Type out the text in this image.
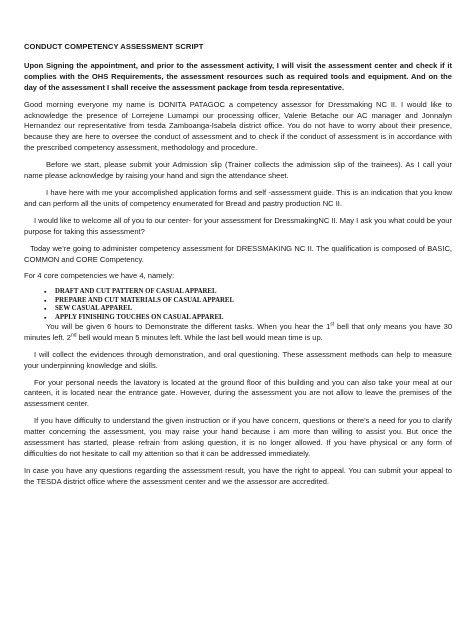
CONDUCT COMPETENCY ASSESSMENT SCRIPT
Upon Signing the appointment, and prior to the assessment activity, I will visit the assessment center and check if it complies with the OHS Requirements, the assessment resources such as required tools and equipment. And on the day of the assessment I shall receive the assessment package from tesda representative.
Good morning everyone my name is DONITA PATAGOC a competency assessor for Dressmaking NC II. I would like to acknowledge the presence of Lorrejene Lumampi our processing officer, Valerie Betache our AC manager and Jonnalyn Hernandez our representative from tesda Zamboanga-Isabela district office. You do not have to worry about their presence, because they are here to oversee the conduct of assessment and to check if the conduct of assessment is in accordance with the prescribed competency assessment, methodology and procedure.
Before we start, please submit your Admission slip (Trainer collects the admission slip of the trainees). As I call your name please acknowledge by raising your hand and sign the attendance sheet.
I have here with me your accomplished application forms and self -assessment guide. This is an indication that you know and can perform all the units of competency enumerated for Bread and pastry production NC II.
I would like to welcome all of you to our center- for your assessment for DressmakingNC II. May I ask you what could be your purpose for taking this assessment?
Today we’re going to administer competency assessment for DRESSMAKING NC II. The qualification is composed of BASIC, COMMON and CORE Competency.
For 4 core competencies we have 4, namely:
▪ DRAFT AND CUT PATTERN OF CASUAL APPAREL
▪ PREPARE AND CUT MATERIALS OF CASUAL APPAREL
▪ SEW CASUAL APPAREL
▪ APPLY FINISHING TOUCHES ON CASUAL APPAREL
You will be given 6 hours to Demonstrate the different tasks. When you hear the 1st bell that only means you have 30 minutes left. 2nd bell would mean 5 minutes left. While the last bell would mean time is up.
I will collect the evidences through demonstration, and oral questioning. These assessment methods can help to measure your underpinning knowledge and skills.
For your personal needs the lavatory is located at the ground floor of this building and you can also take your meal at our canteen, it is located near the entrance gate. However, during the assessment you are not allow to leave the premises of the assessment center.
If you have difficulty to understand the given instruction or if you have concern, questions or there’s a need for you to clarify matter concerning the assessment, you may raise your hand because i am more than willing to assist you. But once the assessment has started, please refrain from asking question, it is no longer allowed. If you have physical or any form of difficulties do not hesitate to call my attention so that it can be addressed immediately.
In case you have any questions regarding the assessment result, you have the right to appeal. You can submit your appeal to the TESDA district office where the assessment center and we the assessor are accredited.
